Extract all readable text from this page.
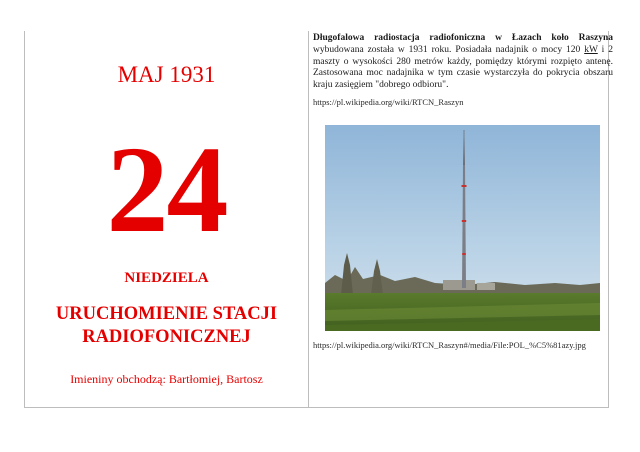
MAJ 1931
24
NIEDZIELA
URUCHOMIENIE STACJI
RADIOFONICZNEJ
Imieniny obchodzą: Bartłomiej, Bartosz
Długofalowa radiostacja radiofoniczna w Łazach koło Raszyna wybudowana została w 1931 roku. Posiadała nadajnik o mocy 120 kW i 2 maszty o wysokości 280 metrów każdy, pomiędzy którymi rozpięto antenę. Zastosowana moc nadajnika w tym czasie wystarczyła do pokrycia obszaru kraju zasięgiem "dobrego odbioru".
https://pl.wikipedia.org/wiki/RTCN_Raszyn
https://pl.wikipedia.org/wiki/RTCN_Raszyn#/media/File:POL_%C5%81azy.jpg
